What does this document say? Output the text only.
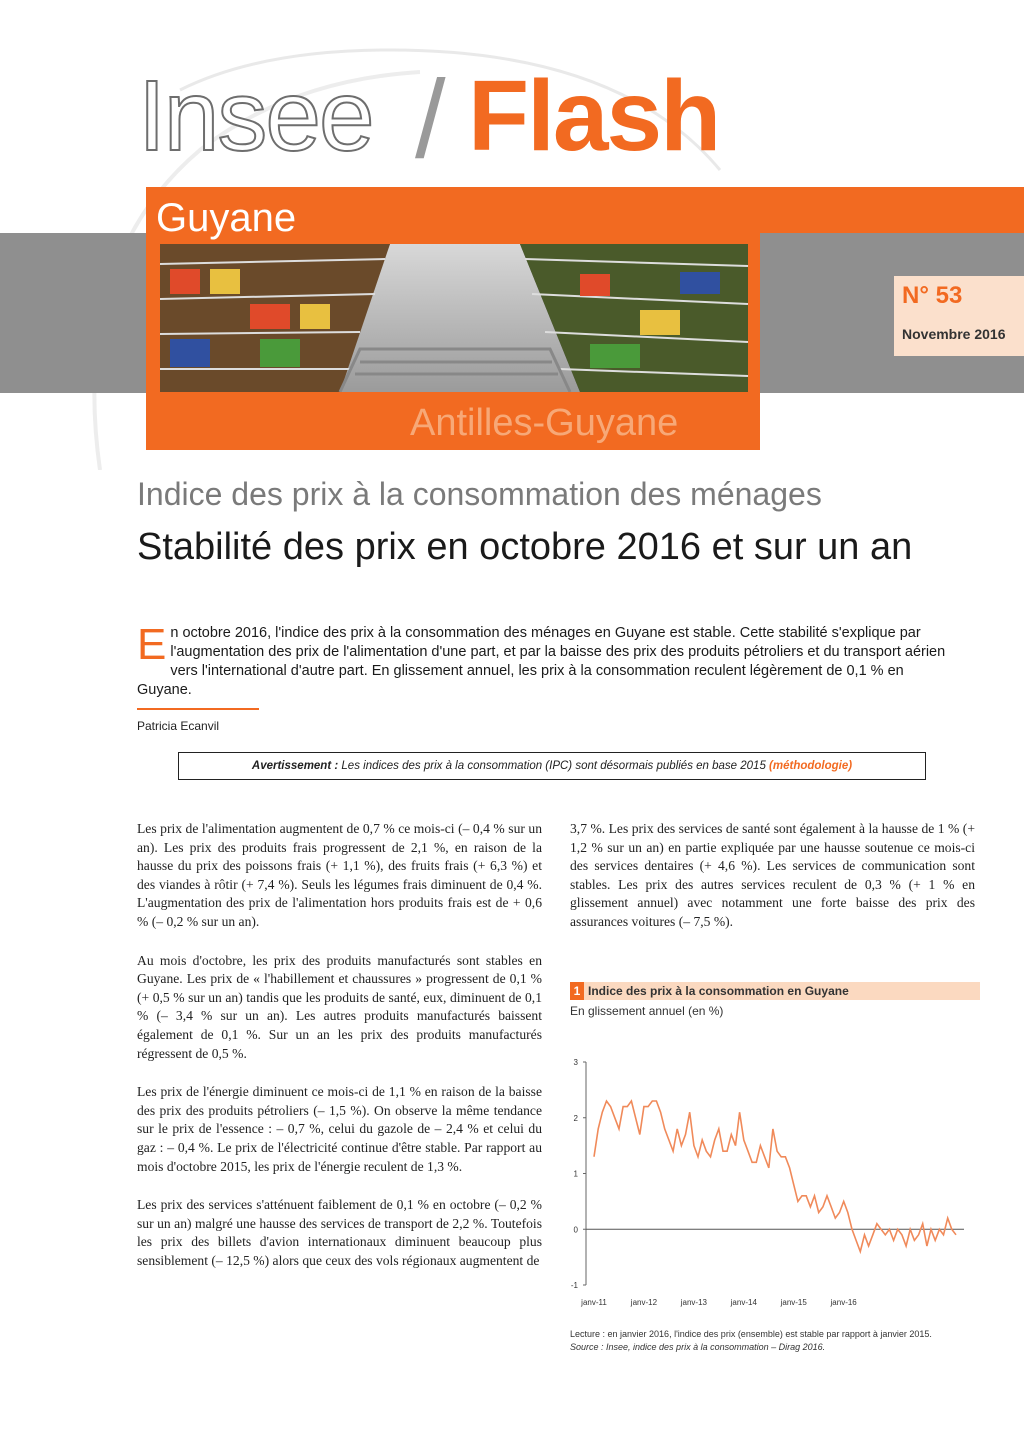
Insee / Flash
Guyane
Antilles-Guyane
N° 53
Novembre 2016
Indice des prix à la consommation des ménages
Stabilité des prix en octobre 2016 et sur un an
E n octobre 2016, l'indice des prix à la consommation des ménages en Guyane est stable. Cette stabilité s'explique par l'augmentation des prix de l'alimentation d'une part, et par la baisse des prix des produits pétroliers et du transport aérien vers l'international d'autre part. En glissement annuel, les prix à la consommation reculent légèrement de 0,1 % en Guyane.
Patricia Ecanvil
Avertissement : Les indices des prix à la consommation (IPC) sont désormais publiés en base 2015 (méthodologie)

Les prix de l'alimentation augmentent de 0,7 % ce mois-ci (– 0,4 % sur un an). Les prix des produits frais progressent de 2,1 %, en raison de la hausse du prix des poissons frais (+ 1,1 %), des fruits frais (+ 6,3 %) et des viandes à rôtir (+ 7,4 %). Seuls les légumes frais diminuent de 0,4 %. L'augmentation des prix de l'alimentation hors produits frais est de + 0,6 % (– 0,2 % sur un an).

Au mois d'octobre, les prix des produits manufacturés sont stables en Guyane. Les prix de « l'habillement et chaussures » progressent de 0,1 % (+ 0,5 % sur un an) tandis que les produits de santé, eux, diminuent de 0,1 % (– 3,4 % sur un an). Les autres produits manufacturés baissent également de 0,1 %. Sur un an les prix des produits manufacturés régressent de 0,5 %.

Les prix de l'énergie diminuent ce mois-ci de 1,1 % en raison de la baisse des prix des produits pétroliers (– 1,5 %). On observe la même tendance sur le prix de l'essence : – 0,7 %, celui du gazole de – 2,4 % et celui du gaz : – 0,4 %. Le prix de l'électricité continue d'être stable. Par rapport au mois d'octobre 2015, les prix de l'énergie reculent de 1,3 %.

Les prix des services s'atténuent faiblement de 0,1 % en octobre (– 0,2 % sur un an) malgré une hausse des services de transport de 2,2 %. Toutefois les prix des billets d'avion internationaux diminuent beaucoup plus sensiblement (– 12,5 %) alors que ceux des vols régionaux augmentent de

3,7 %. Les prix des services de santé sont également à la hausse de 1 % (+ 1,2 % sur un an) en partie expliquée par une hausse soutenue ce mois-ci des services dentaires (+ 4,6 %). Les services de communication sont stables. Les prix des autres services reculent de 0,3 % (+ 1 % en glissement annuel) avec notamment une forte baisse des prix des assurances voitures (– 7,5 %).

1 Indice des prix à la consommation en Guyane
En glissement annuel (en %)
3
2
1
0
-1
janv-11	janv-12	janv-13	janv-14	janv-15	janv-16
Lecture : en janvier 2016, l'indice des prix (ensemble) est stable par rapport à janvier 2015.
Source : Insee, indice des prix à la consommation – Dirag 2016.
